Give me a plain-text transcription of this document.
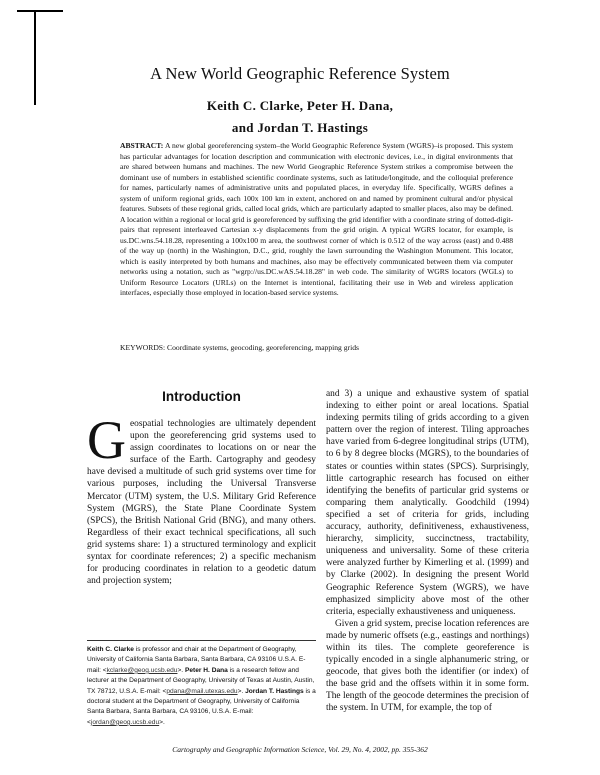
A New World Geographic Reference System
Keith C. Clarke, Peter H. Dana,
and Jordan T. Hastings
ABSTRACT: A new global georeferencing system–the World Geographic Reference System (WGRS)–is proposed. This system has particular advantages for location description and communication with electronic devices, i.e., in digital environments that are shared between humans and machines. The new World Geographic Reference System strikes a compromise between the dominant use of numbers in established scientific coordinate systems, such as latitude/longitude, and the colloquial preference for names, particularly names of administrative units and populated places, in everyday life. Specifically, WGRS defines a system of uniform regional grids, each 100x 100 km in extent, anchored on and named by prominent cultural and/or physical features. Subsets of these regional grids, called local grids, which are particularly adapted to smaller places, also may be defined. A location within a regional or local grid is georeferenced by suffixing the grid identifier with a coordinate string of dotted-digit-pairs that represent interleaved Cartesian x-y displacements from the grid origin. A typical WGRS locator, for example, is us.DC.wns.54.18.28, representing a 100x100 m area, the southwest corner of which is 0.512 of the way across (east) and 0.488 of the way up (north) in the Washington, D.C., grid, roughly the lawn surrounding the Washington Monument. This locator, which is easily interpreted by both humans and machines, also may be effectively communicated between them via computer networks using a notation, such as "wgrp://us.DC.wAS.54.18.28" in web code. The similarity of WGRS locators (WGLs) to Uniform Resource Locators (URLs) on the Internet is intentional, facilitating their use in Web and wireless application interfaces, especially those employed in location-based service systems.
KEYWORDS: Coordinate systems, geocoding, georeferencing, mapping grids
Introduction

Geospatial technologies are ultimately dependent upon the georeferencing grid systems used to assign coordinates to locations on or near the surface of the Earth. Cartography and geodesy have devised a multitude of such grid systems over time for various purposes, including the Universal Transverse Mercator (UTM) system, the U.S. Military Grid Reference System (MGRS), the State Plane Coordinate System (SPCS), the British National Grid (BNG), and many others. Regardless of their exact technical specifications, all such grid systems share: 1) a structured terminology and explicit syntax for coordinate references; 2) a specific mechanism for producing coordinates in relation to a geodetic datum and projection system;

and 3) a unique and exhaustive system of spatial indexing to either point or areal locations. Spatial indexing permits tiling of grids according to a given pattern over the region of interest. Tiling approaches have varied from 6-degree longitudinal strips (UTM), to 6 by 8 degree blocks (MGRS), to the boundaries of states or counties within states (SPCS). Surprisingly, little cartographic research has focused on either identifying the benefits of particular grid systems or comparing them analytically. Goodchild (1994) specified a set of criteria for grids, including accuracy, authority, definitiveness, exhaustiveness, hierarchy, simplicity, succinctness, tractability, uniqueness and universality. Some of these criteria were analyzed further by Kimerling et al. (1999) and by Clarke (2002). In designing the present World Geographic Reference System (WGRS), we have emphasized simplicity above most of the other criteria, especially exhaustiveness and uniqueness.

Given a grid system, precise location references are made by numeric offsets (e.g., eastings and northings) within its tiles. The complete georeference is typically encoded in a single alphanumeric string, or geocode, that gives both the identifier (or index) of the base grid and the offsets within it in some form. The length of the geocode determines the precision of the system. In UTM, for example, the top of

Keith C. Clarke is professor and chair at the Department of Geography, University of California Santa Barbara, Santa Barbara, CA 93106 U.S.A. E-mail: <kclarke@geog.ucsb.edu>. Peter H. Dana is a research fellow and lecturer at the Department of Geography, University of Texas at Austin, Austin, TX 78712, U.S.A. E-mail: <pdana@mail.utexas.edu>. Jordan T. Hastings is a doctoral student at the Department of Geography, University of California Santa Barbara, Santa Barbara, CA 93106, U.S.A. E-mail: <jordan@geog.ucsb.edu>.
Cartography and Geographic Information Science, Vol. 29, No. 4, 2002, pp. 355-362
